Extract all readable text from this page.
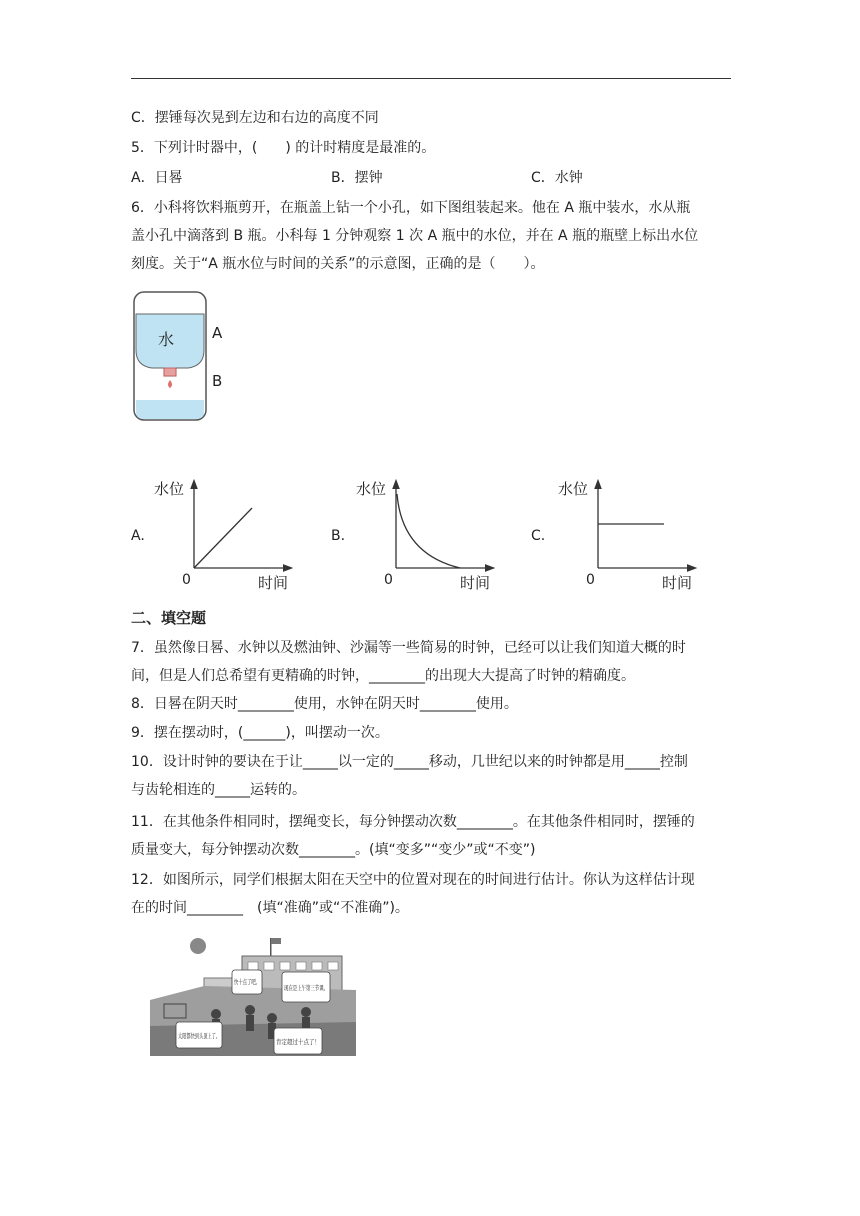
C．摆锤每次晃到左边和右边的高度不同
5．下列计时器中，(　　) 的计时精度是最准的。
A．日晷	B．摆钟	C．水钟
6．小科将饮料瓶剪开，在瓶盖上钻一个小孔，如下图组装起来。他在 A 瓶中装水，水从瓶
盖小孔中滴落到 B 瓶。小科每 1 分钟观察 1 次 A 瓶中的水位，并在 A 瓶的瓶壁上标出水位
刻度。关于“A 瓶水位与时间的关系”的示意图，正确的是（　　）。
水	A
B
A.
水位
时间
0
B.
水位
时间
0
C.
水位
时间
0
二、填空题
7．虽然像日晷、水钟以及燃油钟、沙漏等一些简易的时钟，已经可以让我们知道大概的时
间，但是人们总希望有更精确的时钟，________的出现大大提高了时钟的精确度。
8．日晷在阴天时________使用，水钟在阴天时________使用。
9．摆在摆动时，(______)，叫摆动一次。
10．设计时钟的要诀在于让_____以一定的_____移动，几世纪以来的时钟都是用_____控制
与齿轮相连的_____运转的。
11．在其他条件相同时，摆绳变长，每分钟摆动次数________。在其他条件相同时，摆锤的
质量变大，每分钟摆动次数________。(填“变多”“变少”或“不变”)
12．如图所示，同学们根据太阳在天空中的位置对现在的时间进行估计。你认为这样估计现
在的时间________　(填“准确”或“不准确”)。
快十点了吧。
现在是上午第三节课。
太阳都快到头顶上了。
肯定超过十点了！
